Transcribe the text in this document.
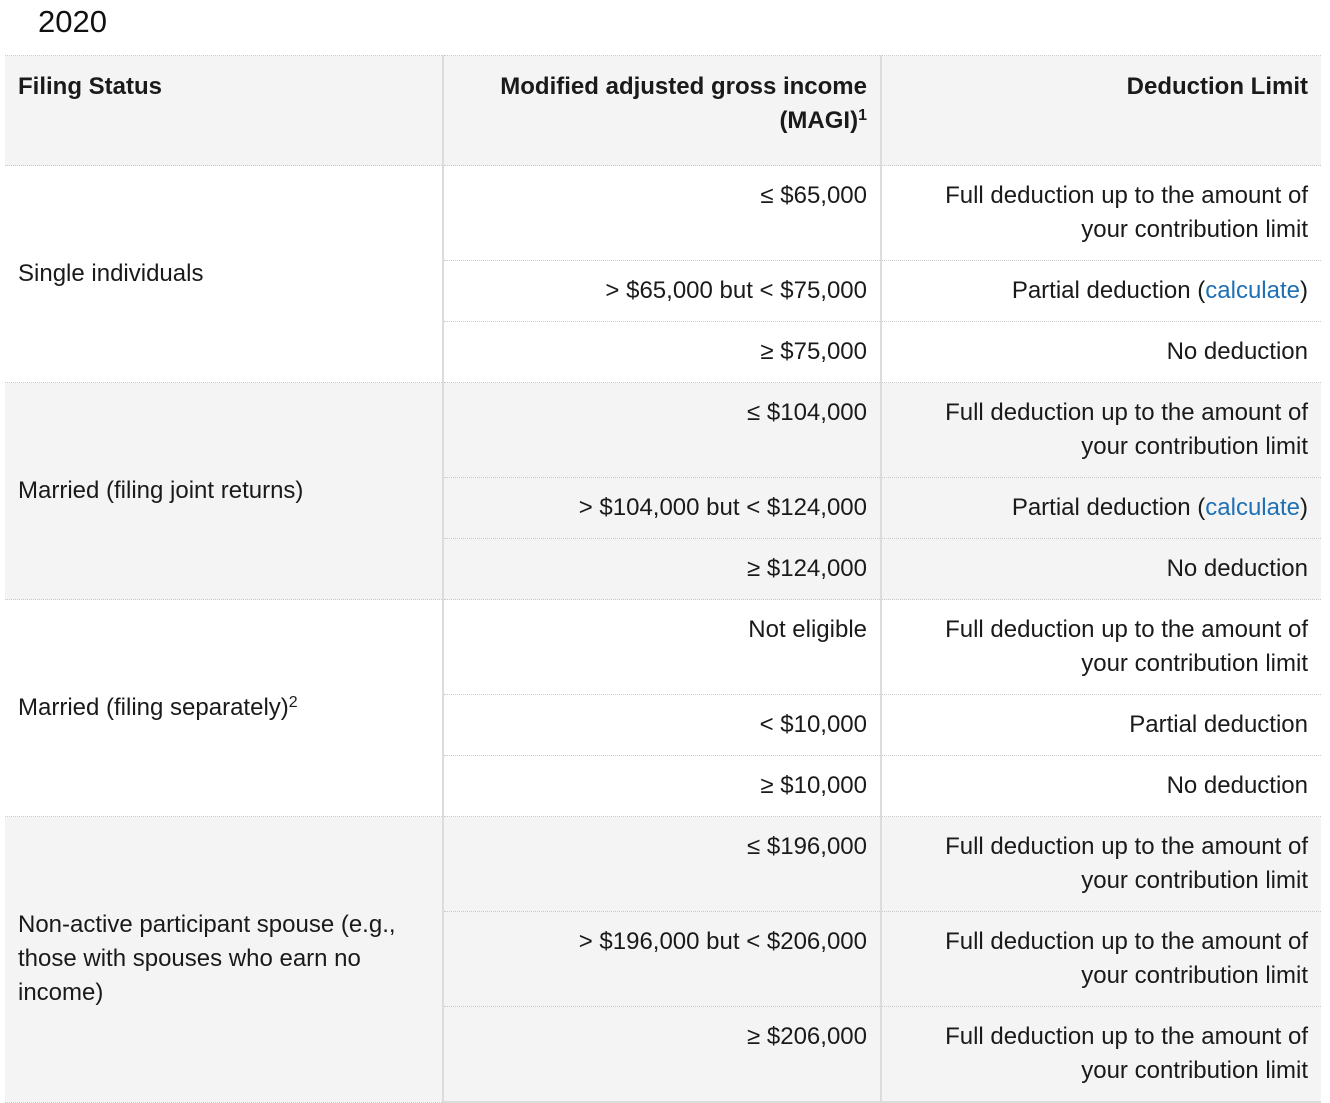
2020
Filing Status	Modified adjusted gross income (MAGI)$^1$	Deduction Limit
Single individuals	≤ $65,000	Full deduction up to the amount of your contribution limit
	> $65,000 but < $75,000	Partial deduction (calculate)
	≥ $75,000	No deduction
Married (filing joint returns)	≤ $104,000	Full deduction up to the amount of your contribution limit
	> $104,000 but < $124,000	Partial deduction (calculate)
	≥ $124,000	No deduction
Married (filing separately)$^2$	Not eligible	Full deduction up to the amount of your contribution limit
	< $10,000	Partial deduction
	≥ $10,000	No deduction
Non-active participant spouse (e.g., those with spouses who earn no income)	≤ $196,000	Full deduction up to the amount of your contribution limit
	> $196,000 but < $206,000	Full deduction up to the amount of your contribution limit
	≥ $206,000	Full deduction up to the amount of your contribution limit
